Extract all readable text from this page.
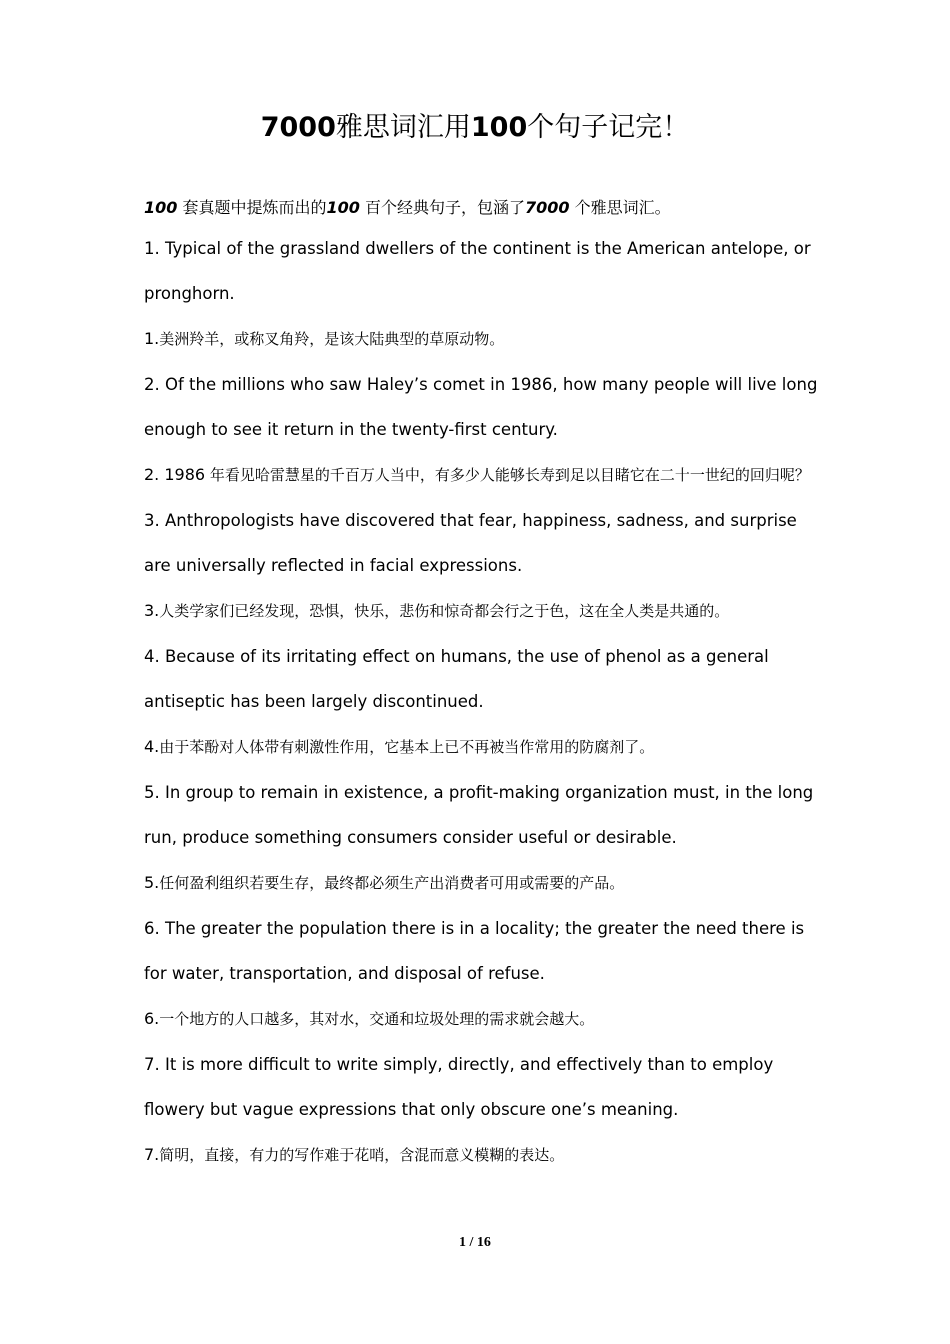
7000雅思词汇用100个句子记完！
100 套真题中提炼而出的100 百个经典句子，包涵了7000 个雅思词汇。

1. Typical of the grassland dwellers of the continent is the American antelope, or pronghorn.

1.美洲羚羊，或称叉角羚，是该大陆典型的草原动物。

2. Of the millions who saw Haley’s comet in 1986, how many people will live long enough to see it return in the twenty-first century.

2. 1986 年看见哈雷慧星的千百万人当中，有多少人能够长寿到足以目睹它在二十一世纪的回归呢？

3. Anthropologists have discovered that fear, happiness, sadness, and surprise are universally reflected in facial expressions.

3.人类学家们已经发现，恐惧，快乐，悲伤和惊奇都会行之于色，这在全人类是共通的。

4. Because of its irritating effect on humans, the use of phenol as a general antiseptic has been largely discontinued.

4.由于苯酚对人体带有刺激性作用，它基本上已不再被当作常用的防腐剂了。

5. In group to remain in existence, a profit-making organization must, in the long run, produce something consumers consider useful or desirable.

5.任何盈利组织若要生存，最终都必须生产出消费者可用或需要的产品。

6. The greater the population there is in a locality; the greater the need there is for water, transportation, and disposal of refuse.

6.一个地方的人口越多，其对水，交通和垃圾处理的需求就会越大。

7. It is more difficult to write simply, directly, and effectively than to employ flowery but vague expressions that only obscure one’s meaning.

7.简明，直接，有力的写作难于花哨，含混而意义模糊的表达。

1 / 16
